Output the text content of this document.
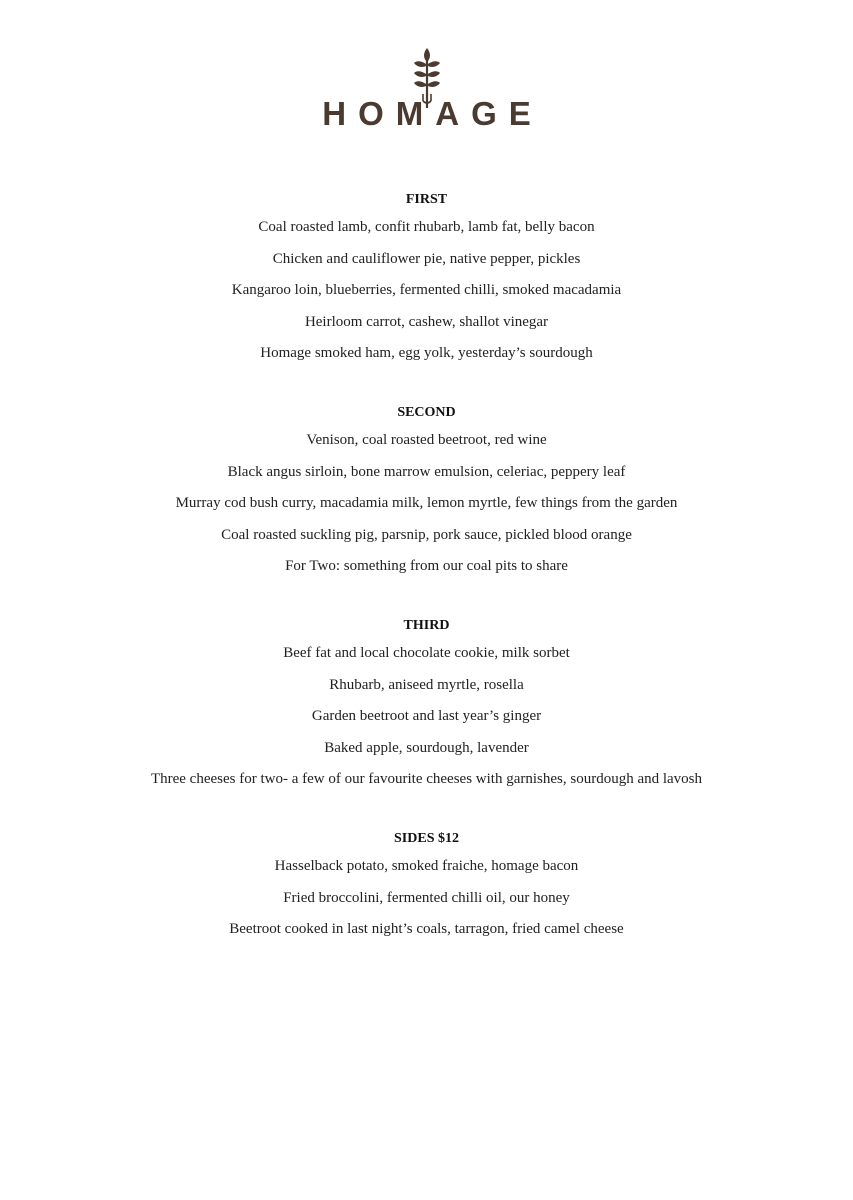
HOMAGE
FIRST
Coal roasted lamb, confit rhubarb, lamb fat, belly bacon
Chicken and cauliflower pie, native pepper, pickles
Kangaroo loin, blueberries, fermented chilli, smoked macadamia
Heirloom carrot, cashew, shallot vinegar
Homage smoked ham, egg yolk, yesterday’s sourdough
SECOND
Venison, coal roasted beetroot, red wine
Black angus sirloin, bone marrow emulsion, celeriac, peppery leaf
Murray cod bush curry, macadamia milk, lemon myrtle, few things from the garden
Coal roasted suckling pig, parsnip, pork sauce, pickled blood orange
For Two: something from our coal pits to share
THIRD
Beef fat and local chocolate cookie, milk sorbet
Rhubarb, aniseed myrtle, rosella
Garden beetroot and last year’s ginger
Baked apple, sourdough, lavender
Three cheeses for two- a few of our favourite cheeses with garnishes, sourdough and lavosh
SIDES $12
Hasselback potato, smoked fraiche, homage bacon
Fried broccolini, fermented chilli oil, our honey
Beetroot cooked in last night’s coals, tarragon, fried camel cheese
